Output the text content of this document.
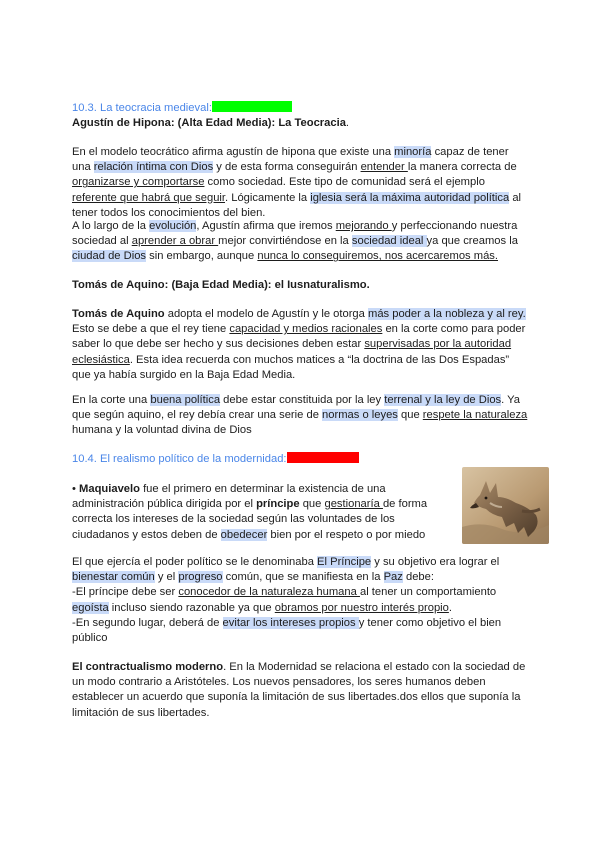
10.3. La teocracia medieval:
Agustín de Hipona: (Alta Edad Media): La Teocracia.
En el modelo teocrático afirma agustín de hipona que existe una minoría capaz de tener una relación íntima con Dios y de esta forma conseguirán entender la manera correcta de organizarse y comportarse como sociedad. Este tipo de comunidad será el ejemplo referente que habrá que seguir. Lógicamente la iglesia será la máxima autoridad política al tener todos los conocimientos del bien.
A lo largo de la evolución, Agustín afirma que iremos mejorando y perfeccionando nuestra sociedad al aprender a obrar mejor convirtiéndose en la sociedad ideal ya que creamos la ciudad de Dios sin embargo, aunque nunca lo conseguiremos, nos acercaremos más.
Tomás de Aquino: (Baja Edad Media): el Iusnaturalismo.
Tomás de Aquino adopta el modelo de Agustín y le otorga más poder a la nobleza y al rey. Esto se debe a que el rey tiene capacidad y medios racionales en la corte como para poder saber lo que debe ser hecho y sus decisiones deben estar supervisadas por la autoridad eclesiástica. Esta idea recuerda con muchos matices a “la doctrina de las Dos Espadas” que ya había surgido en la Baja Edad Media.
En la corte una buena política debe estar constituida por la ley terrenal y la ley de Dios. Ya que según aquino, el rey debía crear una serie de normas o leyes que respete la naturaleza humana y la voluntad divina de Dios
10.4. El realismo político de la modernidad:
• Maquiavelo fue el primero en determinar la existencia de una administración pública dirigida por el príncipe que gestionaría de forma correcta los intereses de la sociedad según las voluntades de los ciudadanos y estos deben de obedecer bien por el respeto o por miedo
El que ejercía el poder político se le denominaba El Príncipe y su objetivo era lograr el bienestar común y el progreso común, que se manifiesta en la Paz debe:
-El príncipe debe ser conocedor de la naturaleza humana al tener un comportamiento egoísta incluso siendo razonable ya que obramos por nuestro interés propio.
-En segundo lugar, deberá de evitar los intereses propios y tener como objetivo el bien público
El contractualismo moderno. En la Modernidad se relaciona el estado con la sociedad de un modo contrario a Aristóteles. Los nuevos pensadores, los seres humanos deben establecer un acuerdo que suponía la limitación de sus libertades.dos ellos que suponía la limitación de sus libertades.
